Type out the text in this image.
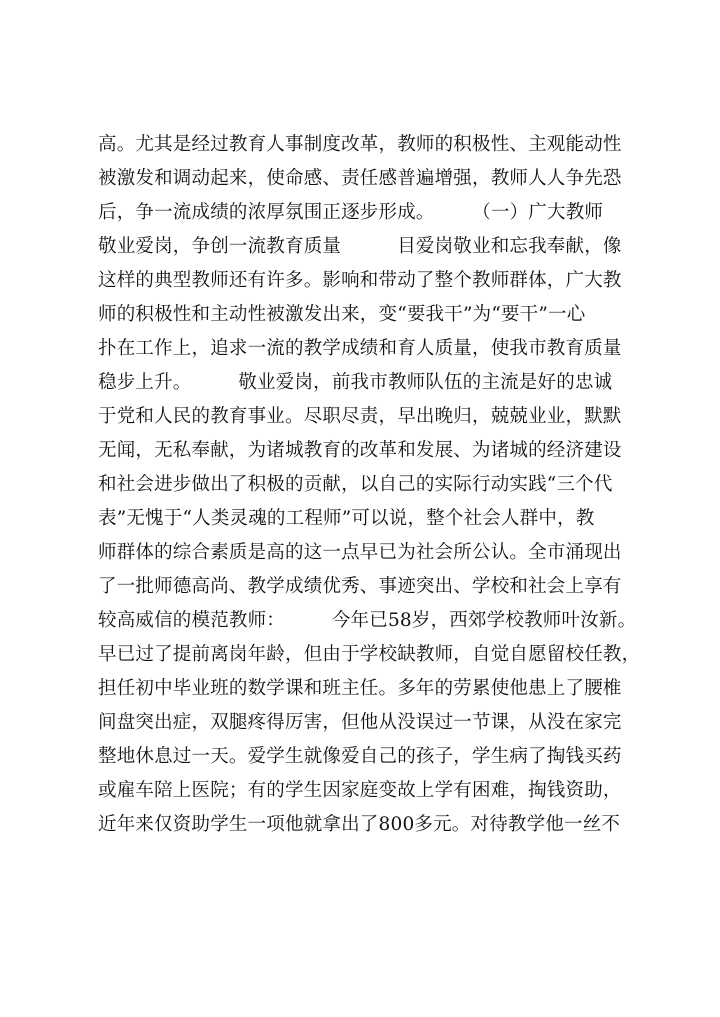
高。尤其是经过教育人事制度改革，教师的积极性、主观能动性
被激发和调动起来，使命感、责任感普遍增强，教师人人争先恐
后，争一流成绩的浓厚氛围正逐步形成。　　　（一）广大教师
敬业爱岗，争创一流教育质量　　　目爱岗敬业和忘我奉献，像
这样的典型教师还有许多。影响和带动了整个教师群体，广大教
师的积极性和主动性被激发出来，变“要我干”为“要干”一心
扑在工作上，追求一流的教学成绩和育人质量，使我市教育质量
稳步上升。　　　敬业爱岗，前我市教师队伍的主流是好的忠诚
于党和人民的教育事业。尽职尽责，早出晚归，兢兢业业，默默
无闻，无私奉献，为诸城教育的改革和发展、为诸城的经济建设
和社会进步做出了积极的贡献，以自己的实际行动实践“三个代
表”无愧于“人类灵魂的工程师”可以说，整个社会人群中，教
师群体的综合素质是高的这一点早已为社会所公认。全市涌现出
了一批师德高尚、教学成绩优秀、事迹突出、学校和社会上享有
较高威信的模范教师：　　　今年已58岁，西郊学校教师叶汝新。
早已过了提前离岗年龄，但由于学校缺教师，自觉自愿留校任教，
担任初中毕业班的数学课和班主任。多年的劳累使他患上了腰椎
间盘突出症，双腿疼得厉害，但他从没误过一节课，从没在家完
整地休息过一天。爱学生就像爱自己的孩子，学生病了掏钱买药
或雇车陪上医院；有的学生因家庭变故上学有困难，掏钱资助，
近年来仅资助学生一项他就拿出了800多元。对待教学他一丝不
